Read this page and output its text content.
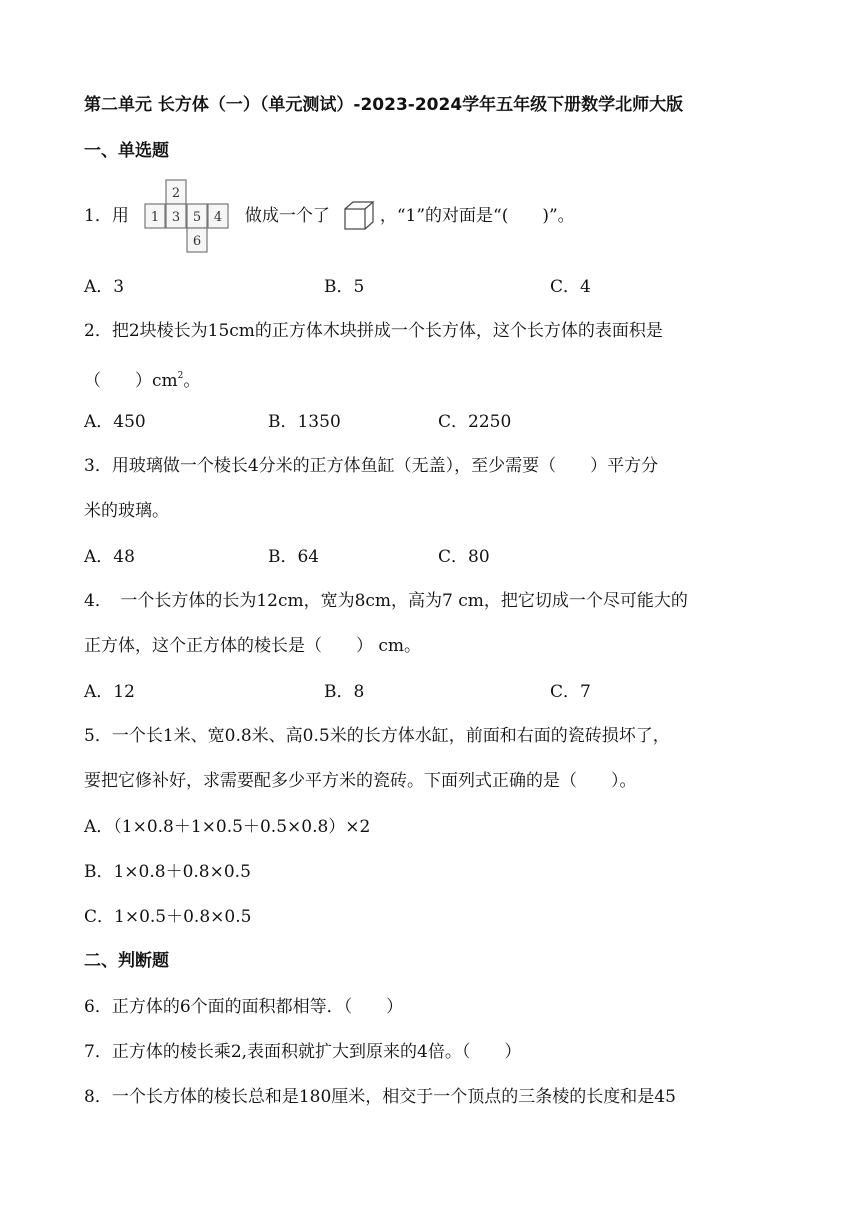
第二单元 长方体（一）（单元测试）-2023-2024学年五年级下册数学北师大版
一、单选题
1．用
2
1 3 5 4
6
做成一个了	，“1”的对面是“(　　)”。
A．3	B．5	C．4
2．把2块棱长为15cm的正方体木块拼成一个长方体，这个长方体的表面积是
（　　）$cm^2$。
A．450	B．1350	C．2250
3．用玻璃做一个棱长4分米的正方体鱼缸（无盖），至少需要（　　）平方分
米的玻璃。
A．48	B．64	C．80
4．　一个长方体的长为12cm，宽为8cm，高为7 cm，把它切成一个尽可能大的
正方体，这个正方体的棱长是（　　） cm。
A．12	B．8	C．7
5．一个长1米、宽0.8米、高0.5米的长方体水缸，前面和右面的瓷砖损坏了，
要把它修补好，求需要配多少平方米的瓷砖。下面列式正确的是（　　）。
A．（1×0.8＋1×0.5＋0.5×0.8）×2
B．1×0.8＋0.8×0.5
C．1×0.5＋0.8×0.5
二、判断题
6．正方体的6个面的面积都相等．（　　）
7．正方体的棱长乘2,表面积就扩大到原来的4倍。（　　）
8．一个长方体的棱长总和是180厘米，相交于一个顶点的三条棱的长度和是45
